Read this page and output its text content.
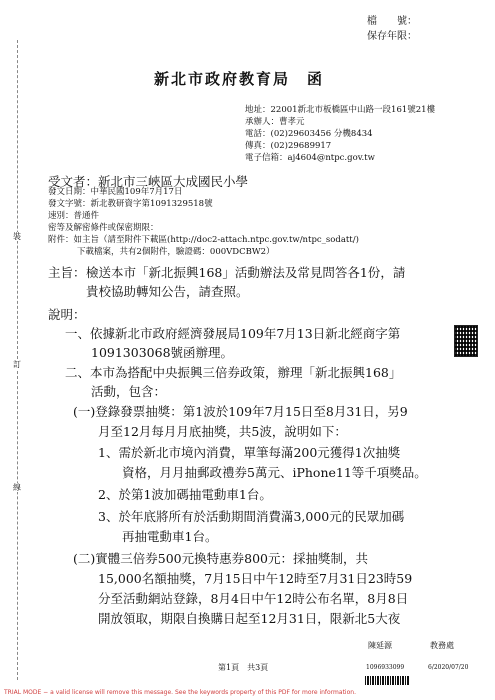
裝
訂
線
檔　　號：
保存年限：
新北市政府教育局　函
地址：22001新北市板橋區中山路一段161號21樓
承辦人：曹孝元
電話：(02)29603456 分機8434
傳真：(02)29689917
電子信箱：aj4604@ntpc.gov.tw
受文者：新北市三峽區大成國民小學
發文日期：中華民國109年7月17日
發文字號：新北教研資字第1091329518號
速別：普通件
密等及解密條件或保密期限：
附件：如主旨（請至附件下載區(http://doc2-attach.ntpc.gov.tw/ntpc_sodatt/)
下載檔案，共有2個附件，驗證碼：000VDCBW2）
主旨： 檢送本市「新北振興168」活動辦法及常見問答各1份，請
貴校協助轉知公告，請查照。
說明：
一、依據新北市政府經濟發展局109年7月13日新北經商字第
1091303068號函辦理。
二、本市為搭配中央振興三倍券政策，辦理「新北振興168」
活動，包含：
(一)登錄發票抽獎：第1波於109年7月15日至8月31日，另9
月至12月每月月底抽獎，共5波，說明如下：
1、需於新北市境內消費，單筆每滿200元獲得1次抽獎
資格，月月抽郵政禮券5萬元、iPhone11等千項獎品。
2、於第1波加碼抽電動車1台。
3、於年底將所有於活動期間消費滿3,000元的民眾加碼
再抽電動車1台。
(二)實體三倍券500元換特惠券800元：採抽獎制，共
15,000名額抽獎，7月15日中午12時至7月31日23時59
分至活動網站登錄，8月4日中午12時公布名單，8月8日
開放領取，期限自換購日起至12月31日，限新北5大夜
第1頁　共3頁
陳延源	教務處
1096933099	6/2020/07/20
TRIAL MODE − a valid license will remove this message. See the keywords property of this PDF for more information.
